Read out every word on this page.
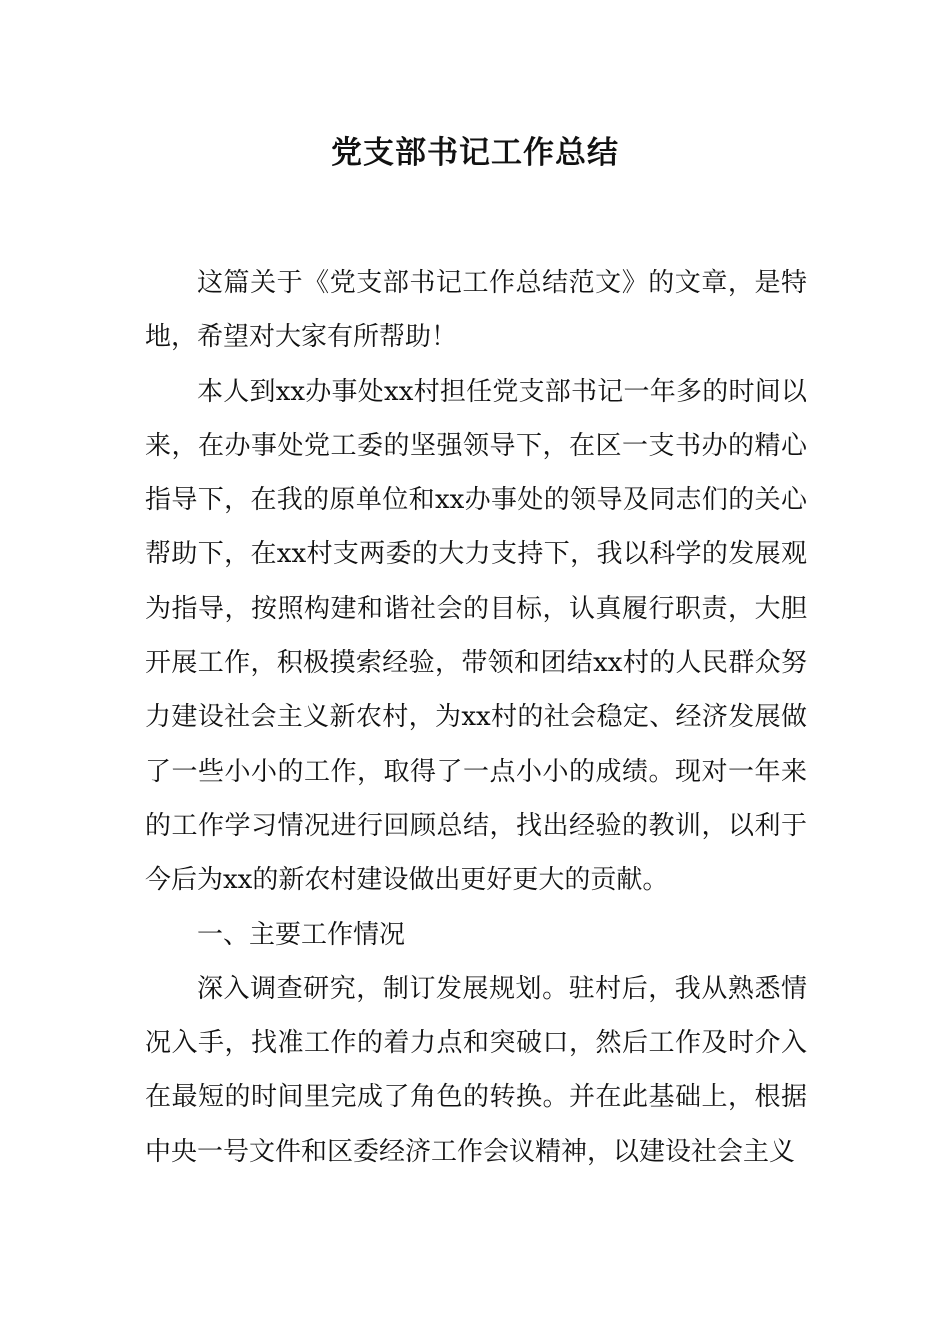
党支部书记工作总结

这篇关于《党支部书记工作总结范文》的文章，是特地，希望对大家有所帮助！

本人到xx办事处xx村担任党支部书记一年多的时间以来，在办事处党工委的坚强领导下，在区一支书办的精心指导下，在我的原单位和xx办事处的领导及同志们的关心帮助下，在xx村支两委的大力支持下，我以科学的发展观为指导，按照构建和谐社会的目标，认真履行职责，大胆开展工作，积极摸索经验，带领和团结xx村的人民群众努力建设社会主义新农村，为xx村的社会稳定、经济发展做了一些小小的工作，取得了一点小小的成绩。现对一年来的工作学习情况进行回顾总结，找出经验的教训，以利于今后为xx的新农村建设做出更好更大的贡献。

一、主要工作情况

深入调查研究，制订发展规划。驻村后，我从熟悉情况入手，找准工作的着力点和突破口，然后工作及时介入在最短的时间里完成了角色的转换。并在此基础上，根据中央一号文件和区委经济工作会议精神，以建设社会主义
